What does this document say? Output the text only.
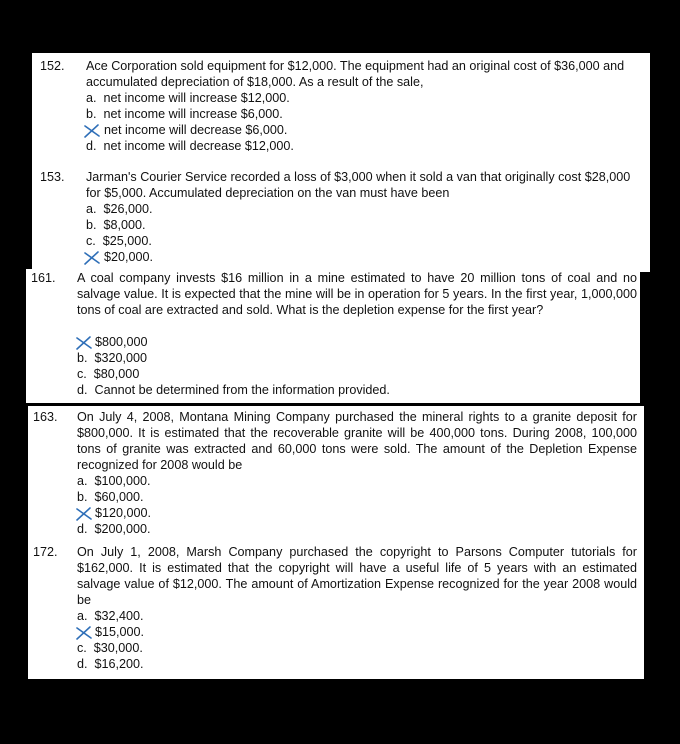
152. Ace Corporation sold equipment for $12,000. The equipment had an original cost of $36,000 and accumulated depreciation of $18,000. As a result of the sale,
a. net income will increase $12,000.
b. net income will increase $6,000.
net income will decrease $6,000.
d. net income will decrease $12,000.
153. Jarman's Courier Service recorded a loss of $3,000 when it sold a van that originally cost $28,000 for $5,000. Accumulated depreciation on the van must have been
a. $26,000.
b. $8,000.
c. $25,000.
$20,000.
161. A coal company invests $16 million in a mine estimated to have 20 million tons of coal and no salvage value. It is expected that the mine will be in operation for 5 years. In the first year, 1,000,000 tons of coal are extracted and sold. What is the depletion expense for the first year?
$800,000
b. $320,000
c. $80,000
d. Cannot be determined from the information provided.
163. On July 4, 2008, Montana Mining Company purchased the mineral rights to a granite deposit for $800,000. It is estimated that the recoverable granite will be 400,000 tons. During 2008, 100,000 tons of granite was extracted and 60,000 tons were sold. The amount of the Depletion Expense recognized for 2008 would be
a. $100,000.
b. $60,000.
$120,000.
d. $200,000.
172. On July 1, 2008, Marsh Company purchased the copyright to Parsons Computer tutorials for $162,000. It is estimated that the copyright will have a useful life of 5 years with an estimated salvage value of $12,000. The amount of Amortization Expense recognized for the year 2008 would be
a. $32,400.
$15,000.
c. $30,000.
d. $16,200.
